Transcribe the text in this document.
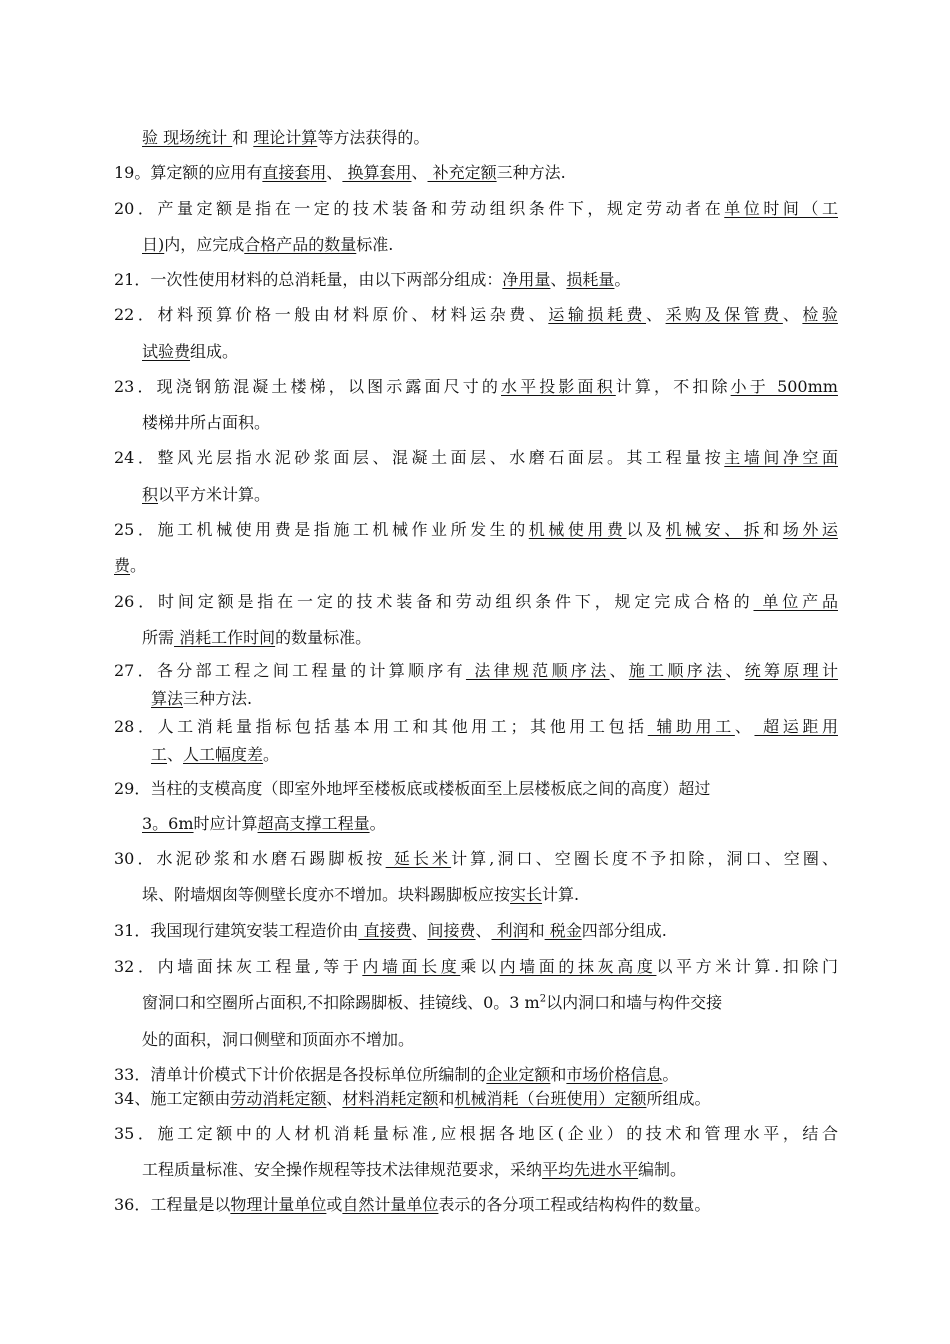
验 现场统计 和 理论计算等方法获得的。
19。算定额的应用有直接套用、 换算套用、 补充定额三种方法.
20．产量定额是指在一定的技术装备和劳动组织条件下，规定劳动者在单位时间（工
日)内，应完成合格产品的数量标准.
21．一次性使用材料的总消耗量，由以下两部分组成：净用量、损耗量。
22．材料预算价格一般由材料原价、材料运杂费、运输损耗费、采购及保管费、检验
试验费组成。
23．现浇钢筋混凝土楼梯，以图示露面尺寸的水平投影面积计算，不扣除小于 500mm
楼梯井所占面积。
24．整风光层指水泥砂浆面层、混凝土面层、水磨石面层。其工程量按主墙间净空面
积以平方米计算。
25．施工机械使用费是指施工机械作业所发生的机械使用费以及机械安、拆和场外运
费。
26．时间定额是指在一定的技术装备和劳动组织条件下，规定完成合格的 单位产品
所需 消耗工作时间的数量标准。
27．各分部工程之间工程量的计算顺序有 法律规范顺序法、施工顺序法、统筹原理计
算法三种方法.
28．人工消耗量指标包括基本用工和其他用工；其他用工包括 辅助用工、 超运距用
工、人工幅度差。
29．当柱的支模高度（即室外地坪至楼板底或楼板面至上层楼板底之间的高度）超过
3。6m时应计算超高支撑工程量。
30．水泥砂浆和水磨石踢脚板按 延长米计算,洞口、空圈长度不予扣除，洞口、空圈、
垛、附墙烟囱等侧壁长度亦不增加。块料踢脚板应按实长计算.
31．我国现行建筑安装工程造价由 直接费、间接费、 利润和 税金四部分组成.
32．内墙面抹灰工程量,等于内墙面长度乘以内墙面的抹灰高度以平方米计算.扣除门
窗洞口和空圈所占面积,不扣除踢脚板、挂镜线、0。3 $m^2$以内洞口和墙与构件交接
处的面积，洞口侧壁和顶面亦不增加。
33．清单计价模式下计价依据是各投标单位所编制的企业定额和市场价格信息。
34、施工定额由劳动消耗定额、材料消耗定额和机械消耗（台班使用）定额所组成。
35．施工定额中的人材机消耗量标准,应根据各地区(企业）的技术和管理水平，结合
工程质量标准、安全操作规程等技术法律规范要求，采纳平均先进水平编制。
36．工程量是以物理计量单位或自然计量单位表示的各分项工程或结构构件的数量。
